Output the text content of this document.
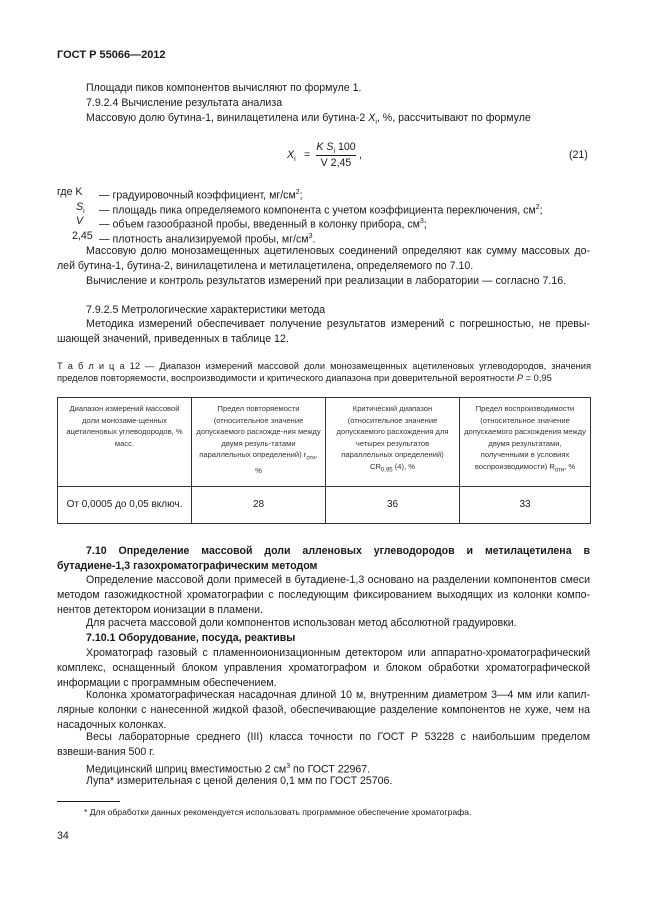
ГОСТ Р 55066—2012
Площади пиков компонентов вычисляют по формуле 1.
7.9.2.4 Вычисление результата анализа
Массовую долю бутина-1, винилацетилена или бутина-2 $X_i$, %, рассчитывают по формуле
$X_i$ =
K $S_i$ 100
V 2,45
,	(21)
где K — градуировочный коэффициент, $мг/см^2$;
$S_i$ — площадь пика определяемого компонента с учетом коэффициента переключения, $см^2$;
V — объем газообразной пробы, введенный в колонку прибора, $см^3$;
2,45 — плотность анализируемой пробы, $мг/см^3$.
Массовую долю монозамещенных ацетиленовых соединений определяют как сумму массовых до-лей бутина-1, бутина-2, винилацетилена и метилацетилена, определяемого по 7.10.
Вычисление и контроль результатов измерений при реализации в лаборатории — согласно 7.16.
7.9.2.5 Метрологические характеристики метода
Методика измерений обеспечивает получение результатов измерений с погрешностью, не превы-шающей значений, приведенных в таблице 12.
Т а б л и ц а 12 — Диапазон измерений массовой доли монозамещенных ацетиленовых углеводородов, значения пределов повторяемости, воспроизводимости и критического диапазона при доверительной вероятности P = 0,95
Диапазон измерений массовой доли монозаме-щенных ацетиленовых углеводородов, % масс.	Предел повторяемости (относительное значение допускаемого расхожде-ния между двумя резуль-татами параллельных определений) $r_{отн}$, %	Критический диапазон (относительное значение допускаемого расхождения для четырех результатов параллельных определений) $CR_{0,95}$ (4), %	Предел воспроизводимости (относительное значение допускаемого расхождения между двумя результатами, полученными в условиях воспроизводимости) $R_{отн}$, %
От 0,0005 до 0,05 включ.	28	36	33
7.10 Определение массовой доли алленовых углеводородов и метилацетилена в бутадиене-1,3 газохроматографическим методом
Определение массовой доли примесей в бутадиене-1,3 основано на разделении компонентов смеси методом газожидкостной хроматографии с последующим фиксированием выходящих из колонки компо-нентов детектором ионизации в пламени.
Для расчета массовой доли компонентов использован метод абсолютной градуировки.
7.10.1 Оборудование, посуда, реактивы
Хроматограф газовый с пламенноионизационным детектором или аппаратно-хроматографический комплекс, оснащенный блоком управления хроматографом и блоком обработки хроматографической информации с программным обеспечением.
Колонка хроматографическая насадочная длиной 10 м, внутренним диаметром 3—4 мм или капил-лярные колонки с нанесенной жидкой фазой, обеспечивающие разделение компонентов не хуже, чем на насадочных колонках.
Весы лабораторные среднего (III) класса точности по ГОСТ Р 53228 с наибольшим пределом взвеши-вания 500 г.
Медицинский шприц вместимостью 2 $см^3$ по ГОСТ 22967.
Лупа* измерительная с ценой деления 0,1 мм по ГОСТ 25706.
* Для обработки данных рекомендуется использовать программное обеспечение хроматографа.
34
